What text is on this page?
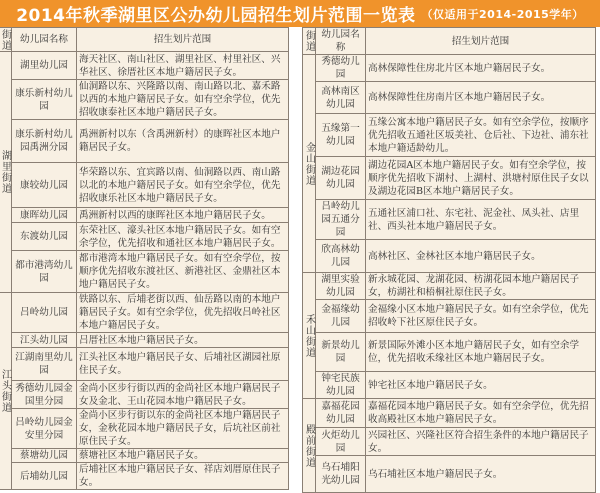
2014年秋季湖里区公办幼儿园招生划片范围一览表 （仅适用于2014-2015学年）
街道	幼儿园名称	招生划片范围
湖里街道	湖里幼儿园	海天社区、南山社区、湖里社区、村里社区、兴华社区、徐厝社区本地户籍居民子女。
	康乐新村幼儿园	仙洞路以东、兴隆路以南、南山路以北、嘉禾路以西的本地户籍居民子女。如有空余学位，优先招收康泰社区本地户籍居民子女。
	康乐新村幼儿园禹洲分园	禹洲新村以东（含禹洲新村）的康晖社区本地户籍居民子女。
	康较幼儿园	华荣路以东、宜宾路以南、仙洞路以西、南山路以北的本地户籍居民子女。如有空余学位，优先招收康乐社区本地户籍居民子女。
	康晖幼儿园	禹洲新村以西的康晖社区本地户籍居民子女。
	东渡幼儿园	东荣社区、濠头社区本地户籍居民子女。如有空余学位，优先招收和通社区本地户籍居民子女。
	都市港湾幼儿园	都市港湾本地户籍居民子女。如有空余学位，按顺序优先招收东渡社区、新港社区、金鼎社区本地户籍居民子女。
江头街道	吕岭幼儿园	铁路以东、后埔老街以西、仙岳路以南的本地户籍居民子女。如有空余学位，优先招收吕岭社区本地户籍居民子女。
	江头幼儿园	吕厝社区本地户籍居民子女。
	江湖南里幼儿园	江头社区本地户籍居民子女、后埔社区湖园社原住民子女。
	秀德幼儿园金国里分园	金尚小区步行街以西的金尚社区本地户籍居民子女及金北、王山花园本地户籍居民子女。
	吕岭幼儿园金安里分园	金尚小区步行街以东的金尚社区本地户籍居民子女，金秋花园本地户籍居民子女，后坑社区前社原住民子女。
	蔡塘幼儿园	蔡塘社区本地户籍居民子女。
	后埔幼儿园	后埔社区本地户籍居民子女、祥店刘厝原住民子女。
街道	幼儿园名称	招生划片范围
金山街道	秀德幼儿园	高林保障性住房北片区本地户籍居民子女。
	高林南区幼儿园	高林保障性住房南片区本地户籍居民子女。
	五缘第一幼儿园	五缘公寓本地户籍居民子女。如有空余学位，按顺序优先招收五通社区坂美社、仓后社、下边社、浦东社本地户籍适龄幼儿。
	湖边花园幼儿园	湖边花园A区本地户籍居民子女。如有空余学位，按顺序优先招收下湖村、上湖村、洪塘村原住民子女以及湖边花园B区本地户籍居民子女。
	吕岭幼儿园五通分园	五通社区浦口社、东宅社、泥金社、凤头社、店里社、西头社本地户籍居民子女。
	欣高林幼儿园	高林社区、金林社区本地户籍居民子女。
禾山街道	湖里实验幼儿园	新永城花园、龙湖花园、枋湖花园本地户籍居民子女，枋湖社和梧桐社原住民子女。
	金福缘幼儿园	金福缘小区本地户籍居民子女。如有空余学位，优先招收岭下社区原住民子女。
	新景幼儿园	新景国际外滩小区本地户籍居民子女，如有空余学位，优先招收禾缘社区本地户籍居民子女。
	钟宅民族幼儿园	钟宅社区本地户籍居民子女。
殿前街道	嘉福花园幼儿园	嘉福花园本地户籍居民子女。如有空余学位，优先招收高殿社区本地户籍居民子女。
	火炬幼儿园	兴园社区、兴隆社区符合招生条件的本地户籍居民子女。
	乌石埔阳光幼儿园	乌石埔社区本地户籍居民子女。
